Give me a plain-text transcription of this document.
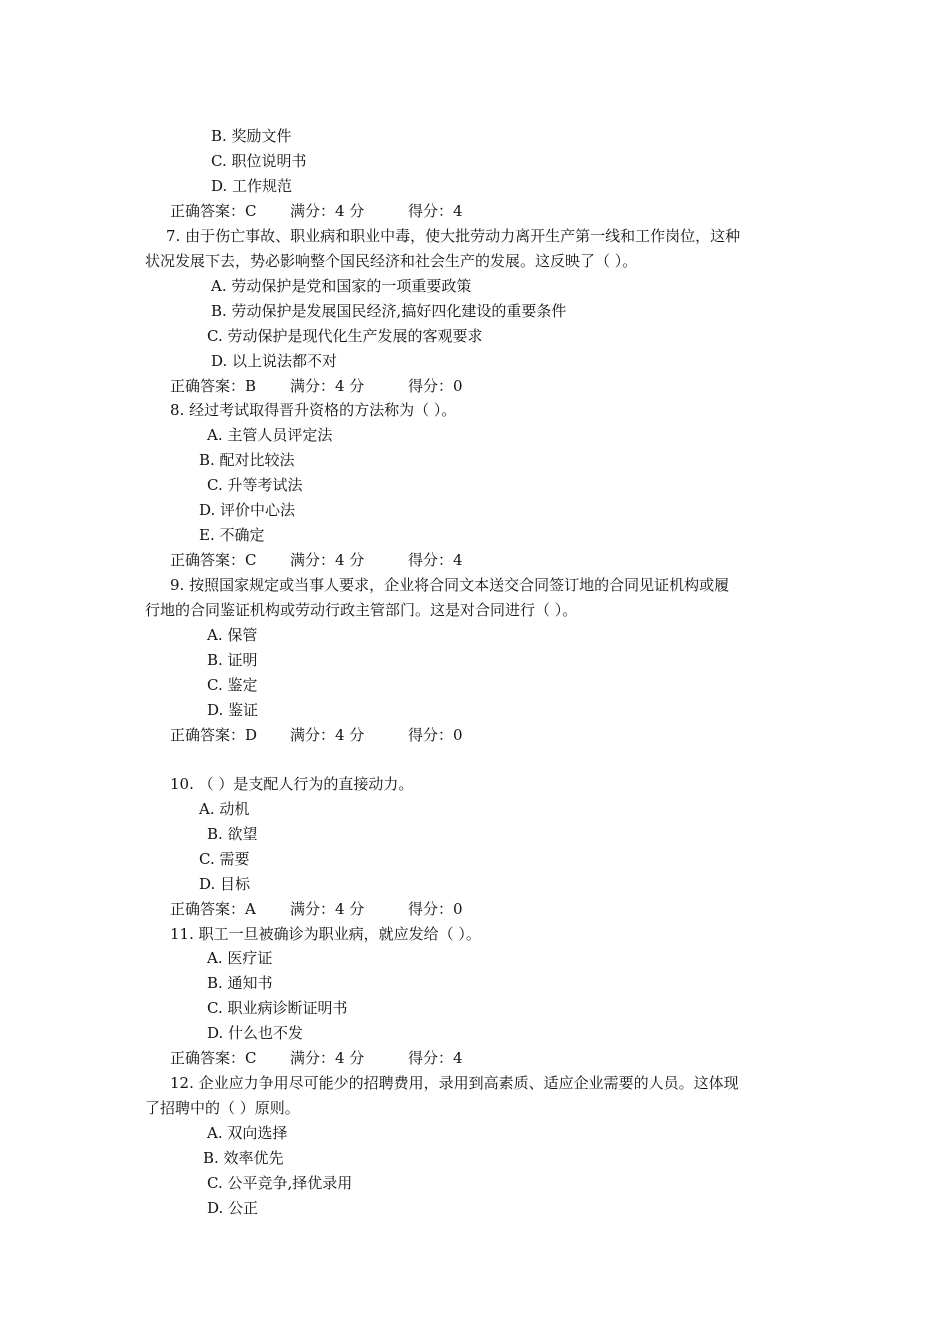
B. 奖励文件
C. 职位说明书
D. 工作规范
正确答案：C 满分：4 分	得分：4
7. 由于伤亡事故、职业病和职业中毒，使大批劳动力离开生产第一线和工作岗位，这种
状况发展下去，势必影响整个国民经济和社会生产的发展。这反映了（ ）。
A. 劳动保护是党和国家的一项重要政策
B. 劳动保护是发展国民经济,搞好四化建设的重要条件
C. 劳动保护是现代化生产发展的客观要求
D. 以上说法都不对
正确答案：B 满分：4 分	得分：0
8. 经过考试取得晋升资格的方法称为（ ）。
A. 主管人员评定法
B. 配对比较法
C. 升等考试法
D. 评价中心法
E. 不确定
正确答案：C 满分：4 分	得分：4
9. 按照国家规定或当事人要求，企业将合同文本送交合同签订地的合同见证机构或履
行地的合同鉴证机构或劳动行政主管部门。这是对合同进行（ ）。
A. 保管
B. 证明
C. 鉴定
D. 鉴证
正确答案：D 满分：4 分	得分：0
10. （ ）是支配人行为的直接动力。
A. 动机
B. 欲望
C. 需要
D. 目标
正确答案：A 满分：4 分	得分：0
11. 职工一旦被确诊为职业病，就应发给（ ）。
A. 医疗证
B. 通知书
C. 职业病诊断证明书
D. 什么也不发
正确答案：C 满分：4 分	得分：4
12. 企业应力争用尽可能少的招聘费用，录用到高素质、适应企业需要的人员。这体现
了招聘中的（ ）原则。
A. 双向选择
B. 效率优先
C. 公平竞争,择优录用
D. 公正
